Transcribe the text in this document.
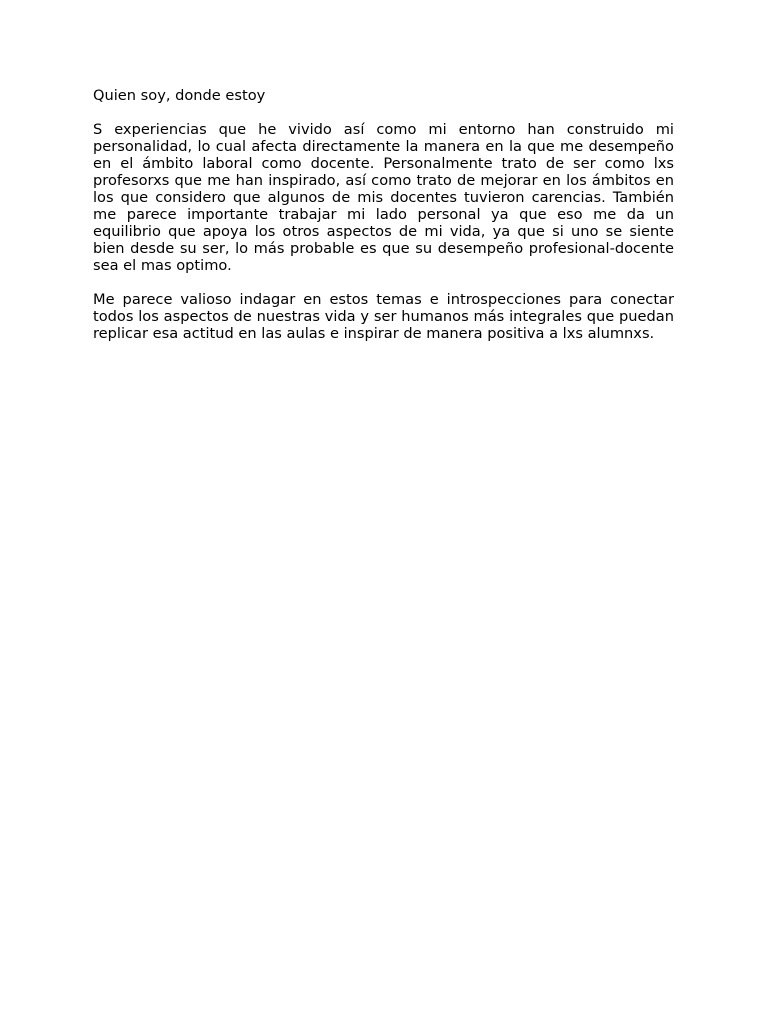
Quien soy, donde estoy

S experiencias que he vivido así como mi entorno han construido mi personalidad, lo cual afecta directamente la manera en la que me desempeño en el ámbito laboral como docente. Personalmente trato de ser como lxs profesorxs que me han inspirado, así como trato de mejorar en los ámbitos en los que considero que algunos de mis docentes tuvieron carencias. También me parece importante trabajar mi lado personal ya que eso me da un equilibrio que apoya los otros aspectos de mi vida, ya que si uno se siente bien desde su ser, lo más probable es que su desempeño profesional-docente sea el mas optimo.

Me parece valioso indagar en estos temas e introspecciones para conectar todos los aspectos de nuestras vida y ser humanos más integrales que puedan replicar esa actitud en las aulas e inspirar de manera positiva a lxs alumnxs.
